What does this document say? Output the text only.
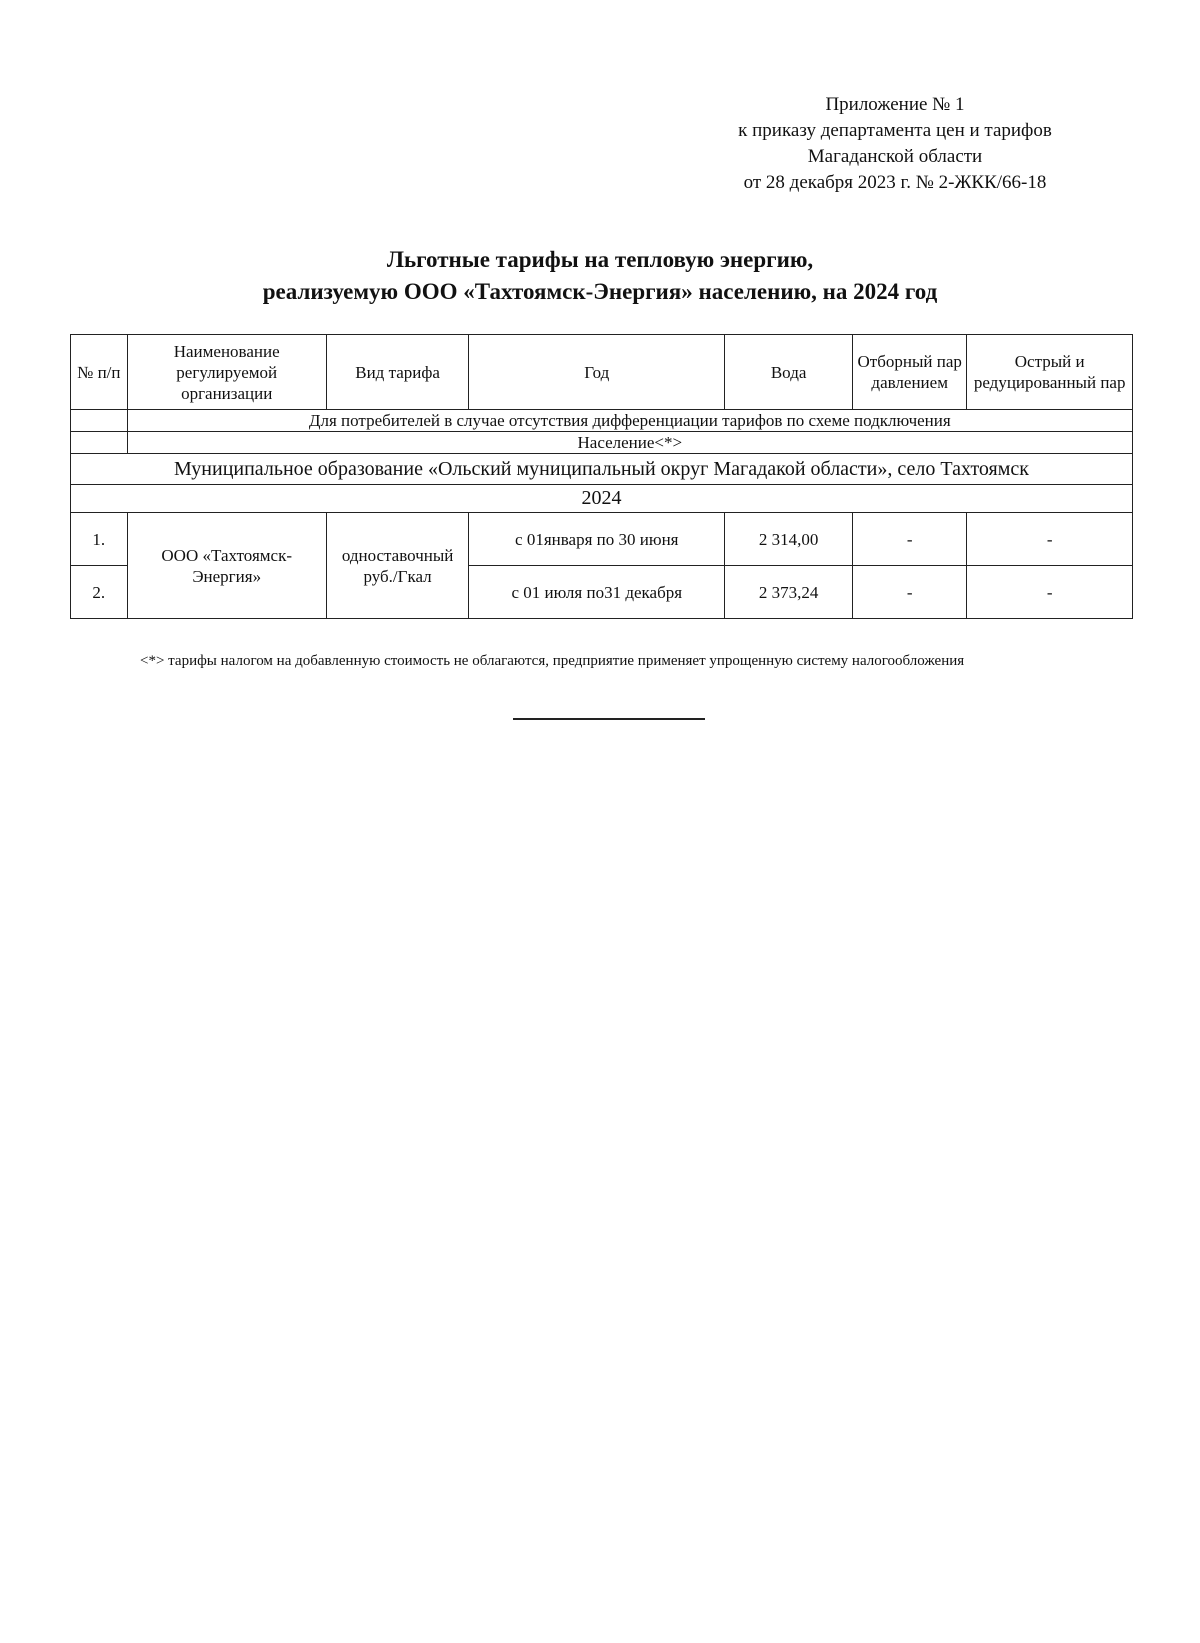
Приложение № 1
к приказу департамента цен и тарифов
Магаданской области
от 28 декабря 2023 г. № 2-ЖКК/66-18
Льготные тарифы на тепловую энергию,
реализуемую ООО «Тахтоямск-Энергия» населению, на 2024 год
№ п/п	Наименование регулируемой организации	Вид тарифа	Год	Вода	Отборный пар давлением	Острый и редуцированный пар
	Для потребителей в случае отсутствия дифференциации тарифов по схеме подключения					
	Население<*>					
Муниципальное образование «Ольский муниципальный округ Магадакой области», село Тахтоямск						
2024						
1.	ООО «Тахтоямск-Энергия»	одноставочный руб./Гкал	с 01января по 30 июня	2 314,00	-	-
2.			с 01 июля по31 декабря	2 373,24	-	-
<*> тарифы налогом на добавленную стоимость не облагаются, предприятие применяет упрощенную систему налогообложения
